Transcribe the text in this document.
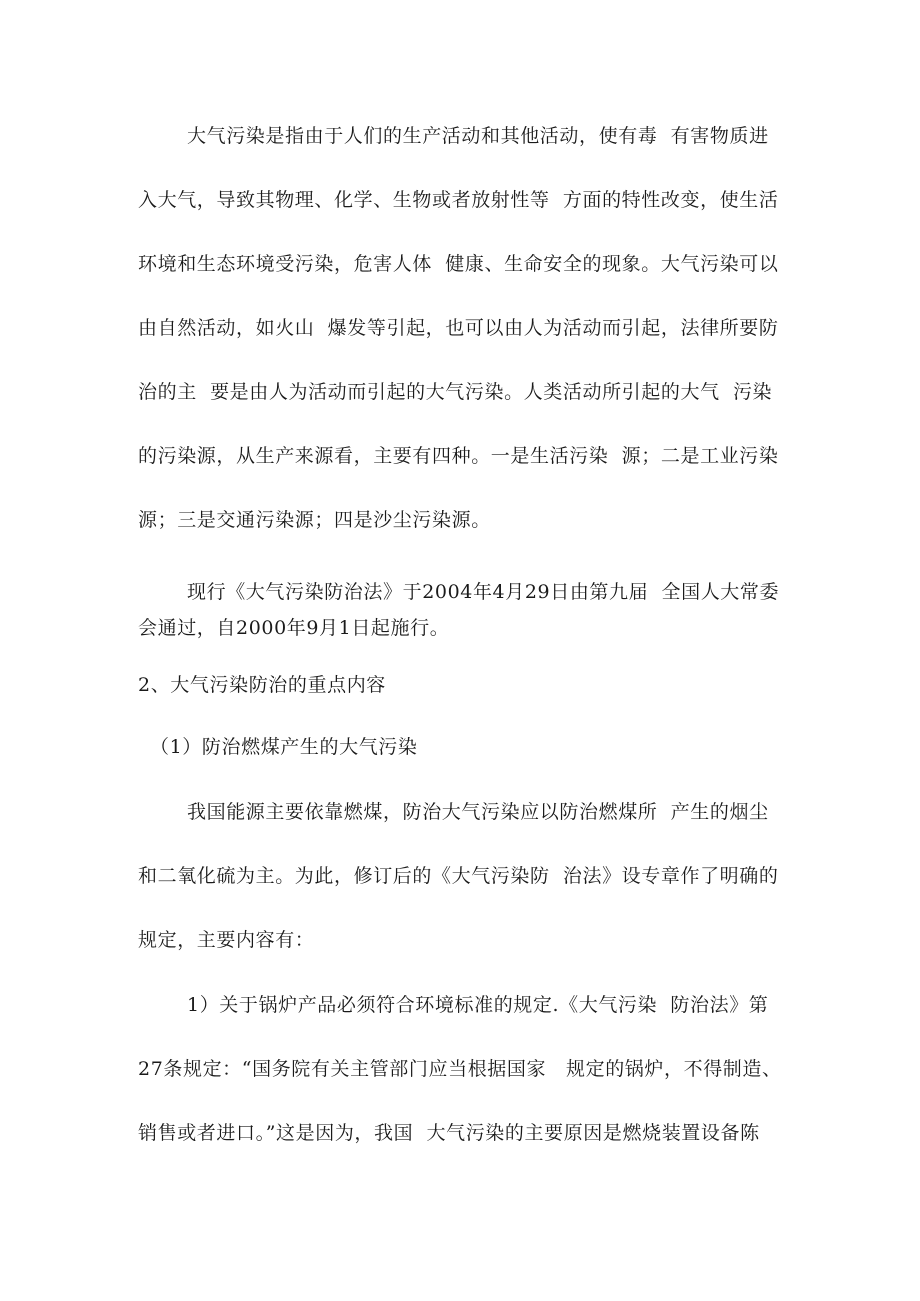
大气污染是指由于人们的生产活动和其他活动，使有毒  有害物质进
入大气，导致其物理、化学、生物或者放射性等  方面的特性改变，使生活
环境和生态环境受污染，危害人体  健康、生命安全的现象。大气污染可以
由自然活动，如火山  爆发等引起，也可以由人为活动而引起，法律所要防
治的主  要是由人为活动而引起的大气污染。人类活动所引起的大气  污染
的污染源，从生产来源看，主要有四种。一是生活污染  源；二是工业污染
源；三是交通污染源；四是沙尘污染源。
现行《大气污染防治法》于2004年4月29日由第九届  全国人大常委
会通过，自2000年9月1日起施行。
2、大气污染防治的重点内容
（1）防治燃煤产生的大气污染
我国能源主要依靠燃煤，防治大气污染应以防治燃煤所  产生的烟尘
和二氧化硫为主。为此，修订后的《大气污染防  治法》设专章作了明确的
规定，主要内容有：
1）关于锅炉产品必须符合环境标准的规定.《大气污染  防治法》第
27条规定：“国务院有关主管部门应当根据国家   规定的锅炉，不得制造、
销售或者进口。”这是因为，我国  大气污染的主要原因是燃烧装置设备陈
